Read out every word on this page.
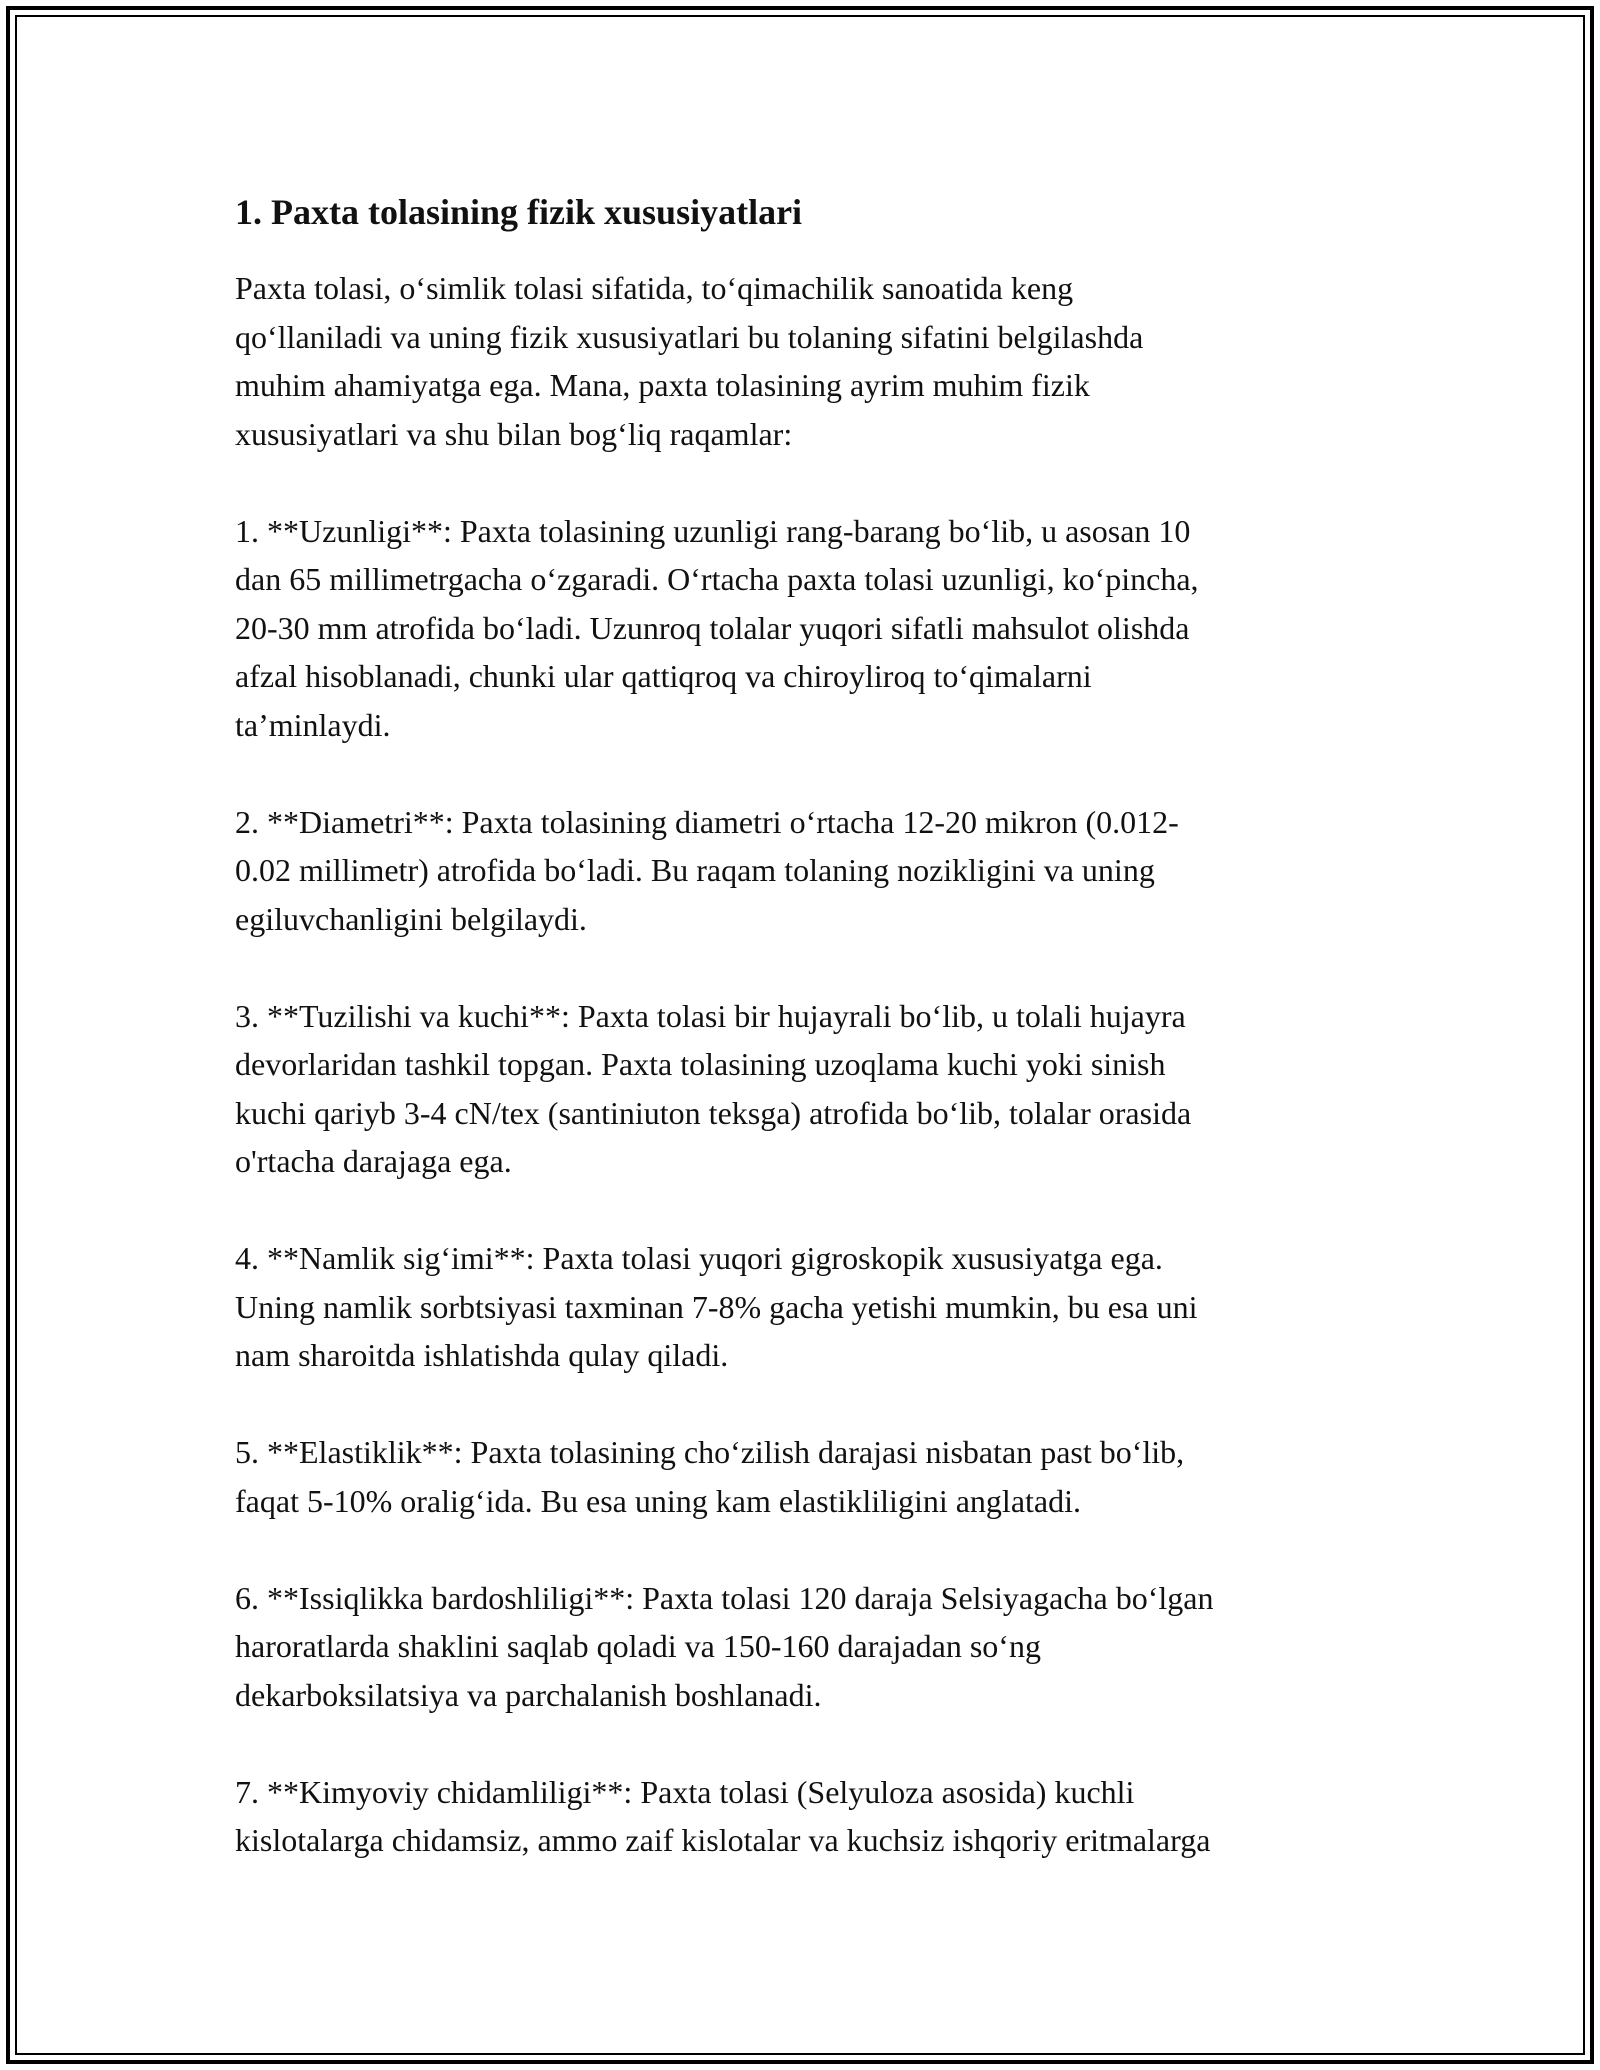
1. Paxta tolasining fizik xususiyatlari

Paxta tolasi, o‘simlik tolasi sifatida, to‘qimachilik sanoatida keng
qo‘llaniladi va uning fizik xususiyatlari bu tolaning sifatini belgilashda
muhim ahamiyatga ega. Mana, paxta tolasining ayrim muhim fizik
xususiyatlari va shu bilan bog‘liq raqamlar:

1. **Uzunligi**: Paxta tolasining uzunligi rang-barang bo‘lib, u asosan 10
dan 65 millimetrgacha o‘zgaradi. O‘rtacha paxta tolasi uzunligi, ko‘pincha,
20-30 mm atrofida bo‘ladi. Uzunroq tolalar yuqori sifatli mahsulot olishda
afzal hisoblanadi, chunki ular qattiqroq va chiroyliroq to‘qimalarni
ta’minlaydi.

2. **Diametri**: Paxta tolasining diametri o‘rtacha 12-20 mikron (0.012-
0.02 millimetr) atrofida bo‘ladi. Bu raqam tolaning nozikligini va uning
egiluvchanligini belgilaydi.

3. **Tuzilishi va kuchi**: Paxta tolasi bir hujayrali bo‘lib, u tolali hujayra
devorlaridan tashkil topgan. Paxta tolasining uzoqlama kuchi yoki sinish
kuchi qariyb 3-4 cN/tex (santiniuton teksga) atrofida bo‘lib, tolalar orasida
o'rtacha darajaga ega.

4. **Namlik sig‘imi**: Paxta tolasi yuqori gigroskopik xususiyatga ega.
Uning namlik sorbtsiyasi taxminan 7-8% gacha yetishi mumkin, bu esa uni
nam sharoitda ishlatishda qulay qiladi.

5. **Elastiklik**: Paxta tolasining cho‘zilish darajasi nisbatan past bo‘lib,
faqat 5-10% oralig‘ida. Bu esa uning kam elastikliligini anglatadi.

6. **Issiqlikka bardoshliligi**: Paxta tolasi 120 daraja Selsiyagacha bo‘lgan
haroratlarda shaklini saqlab qoladi va 150-160 darajadan so‘ng
dekarboksilatsiya va parchalanish boshlanadi.

7. **Kimyoviy chidamliligi**: Paxta tolasi (Selyuloza asosida) kuchli
kislotalarga chidamsiz, ammo zaif kislotalar va kuchsiz ishqoriy eritmalarga
